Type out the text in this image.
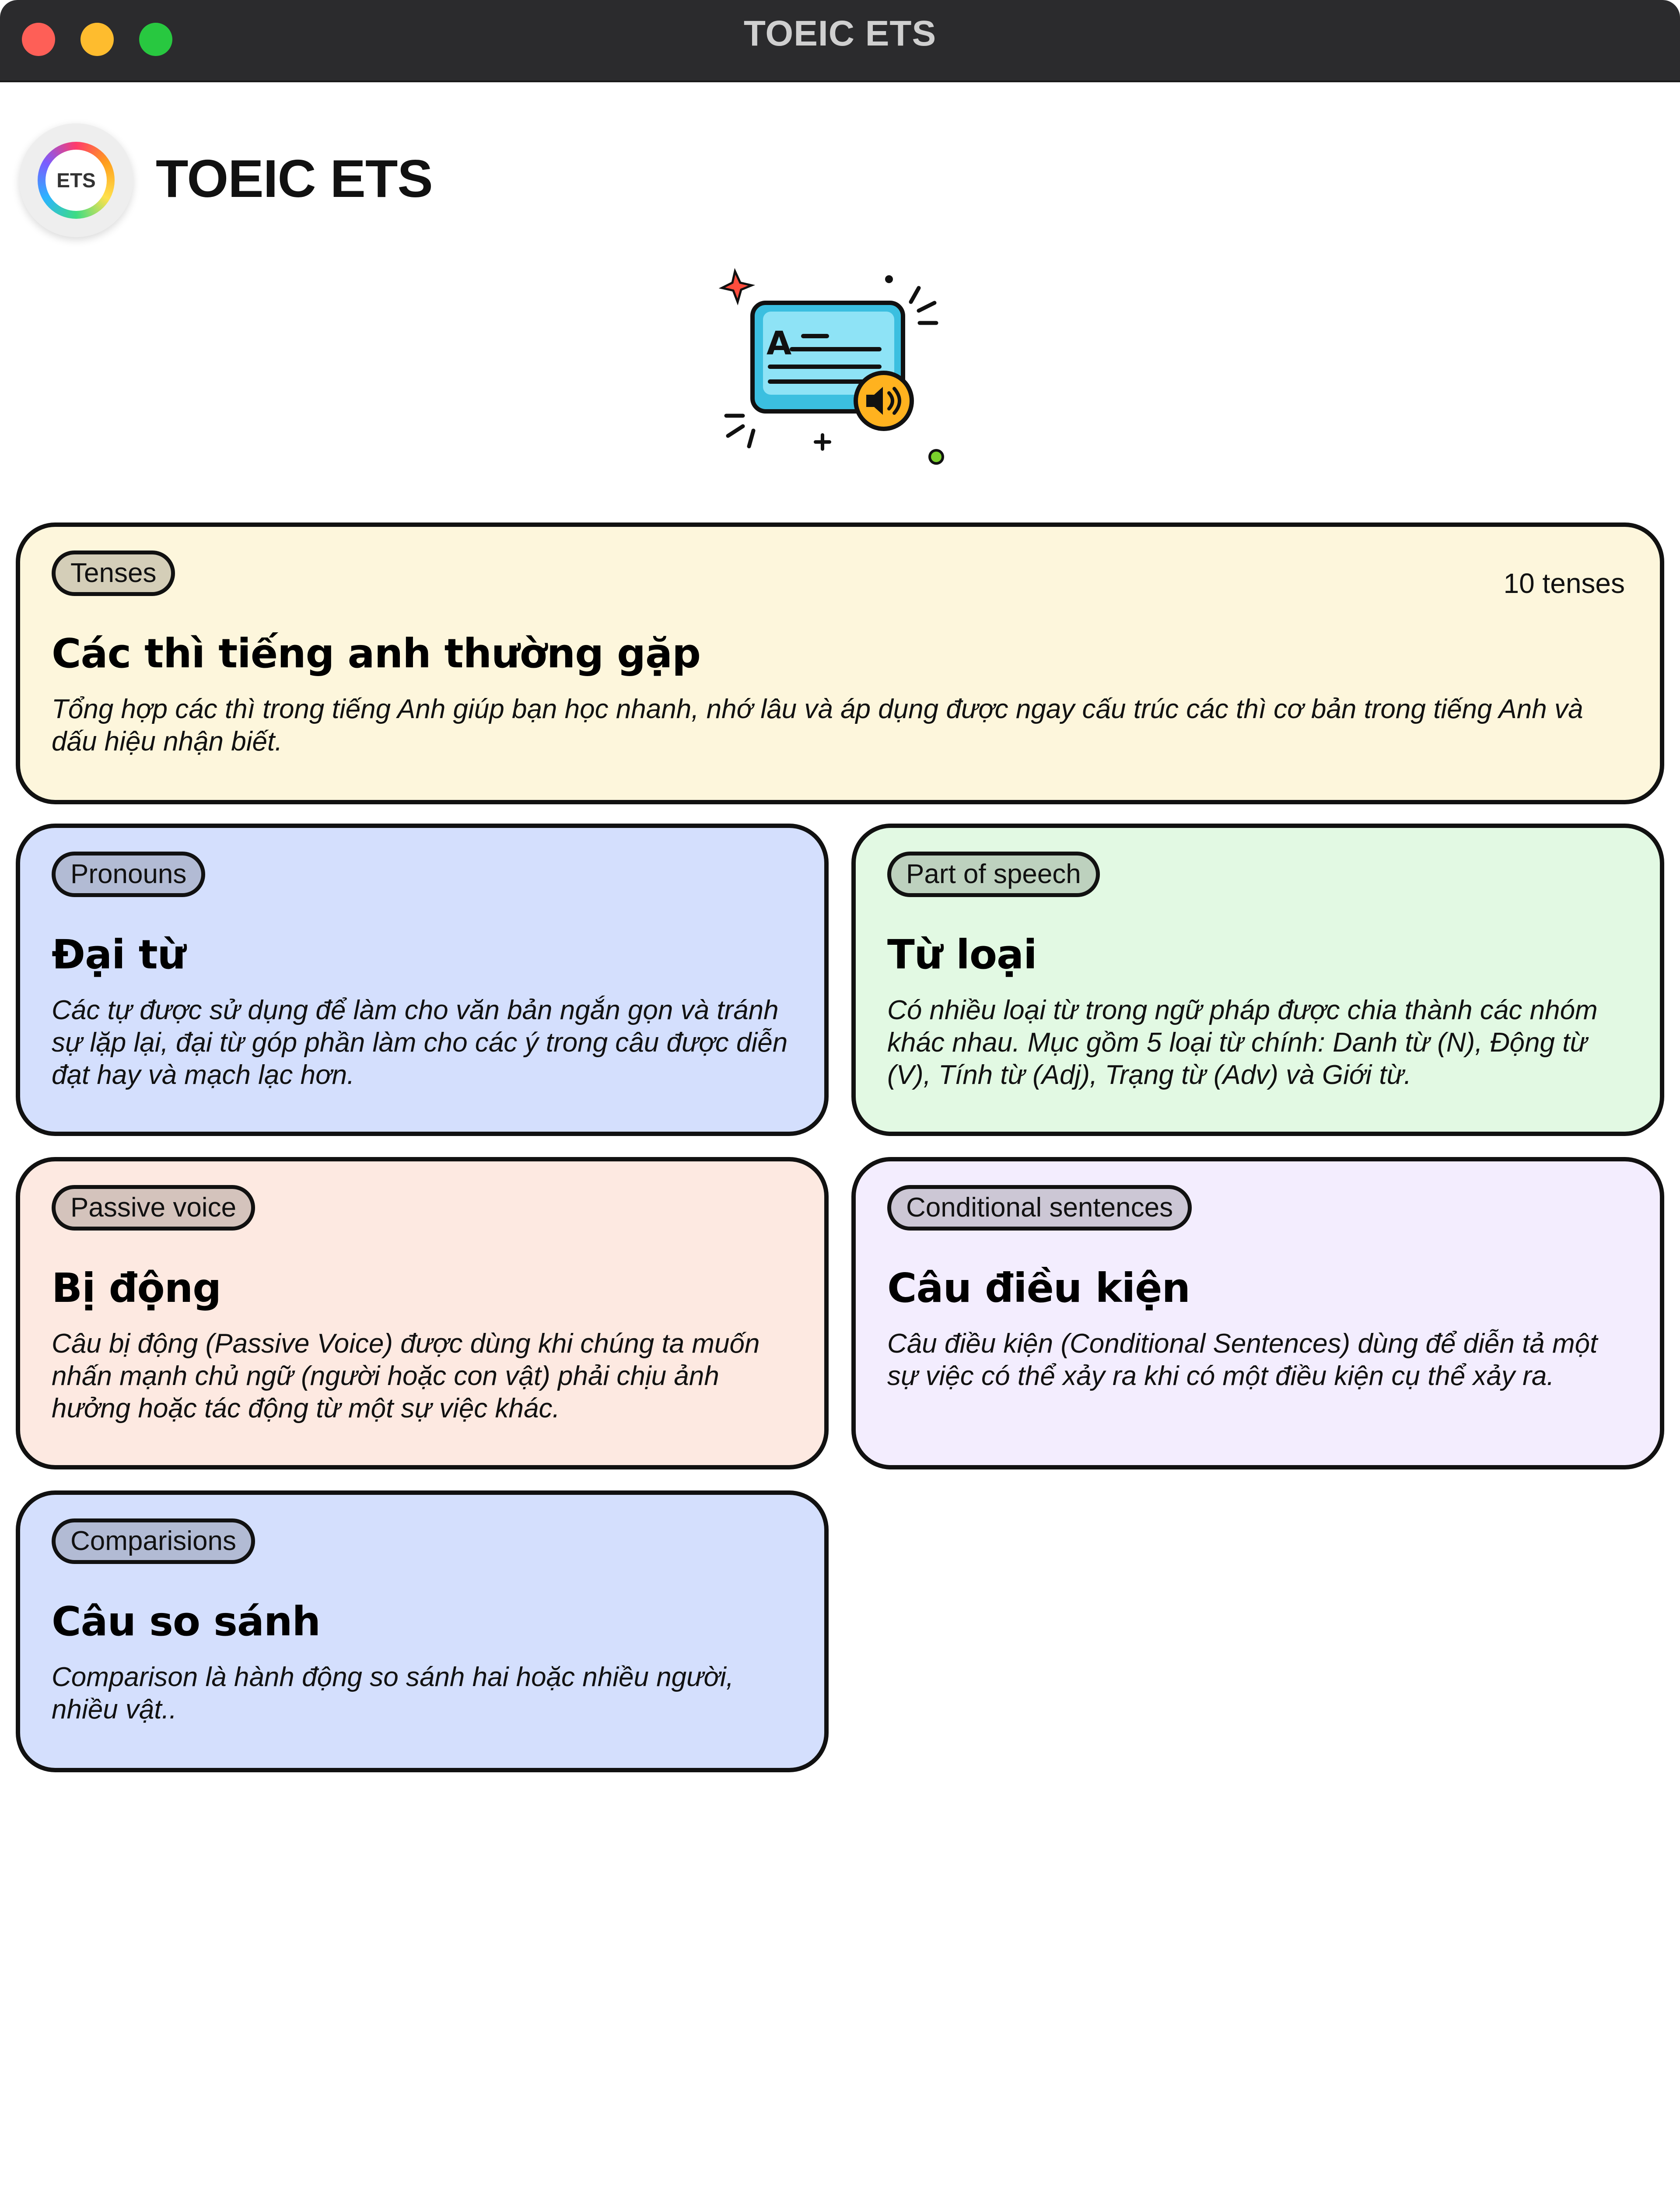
TOEIC ETS
ETS TOEIC ETS
A
Tenses	10 tenses
Các thì tiếng anh thường gặp
Tổng hợp các thì trong tiếng Anh giúp bạn học nhanh, nhớ lâu và áp dụng được ngay cấu trúc các thì cơ bản trong tiếng Anh và dấu hiệu nhận biết.
Pronouns
Đại từ
Các tự được sử dụng để làm cho văn bản ngắn gọn và tránh sự lặp lại, đại từ góp phần làm cho các ý trong câu được diễn đạt hay và mạch lạc hơn.
Part of speech
Từ loại
Có nhiều loại từ trong ngữ pháp được chia thành các nhóm khác nhau. Mục gồm 5 loại từ chính: Danh từ (N), Động từ (V), Tính từ (Adj), Trạng từ (Adv) và Giới từ.
Passive voice
Bị động
Câu bị động (Passive Voice) được dùng khi chúng ta muốn nhấn mạnh chủ ngữ (người hoặc con vật) phải chịu ảnh hưởng hoặc tác động từ một sự việc khác.
Conditional sentences
Câu điều kiện
Câu điều kiện (Conditional Sentences) dùng để diễn tả một sự việc có thể xảy ra khi có một điều kiện cụ thể xảy ra.
Comparisions
Câu so sánh
Comparison là hành động so sánh hai hoặc nhiều người, nhiều vật..
